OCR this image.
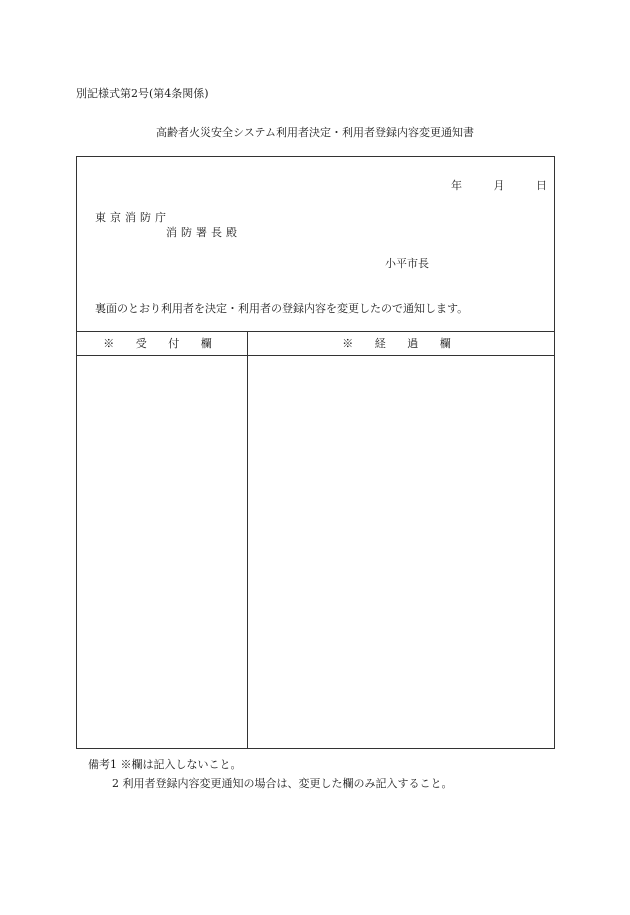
別記様式第2号(第4条関係)
高齢者火災安全システム利用者決定・利用者登録内容変更通知書
年	月	日
東京消防庁
消防署長殿
小平市長
裏面のとおり利用者を決定・利用者の登録内容を変更したので通知します。
※ 受 付 欄	※ 経 過 欄
備考1 ※欄は記入しないこと。
2 利用者登録内容変更通知の場合は、変更した欄のみ記入すること。
